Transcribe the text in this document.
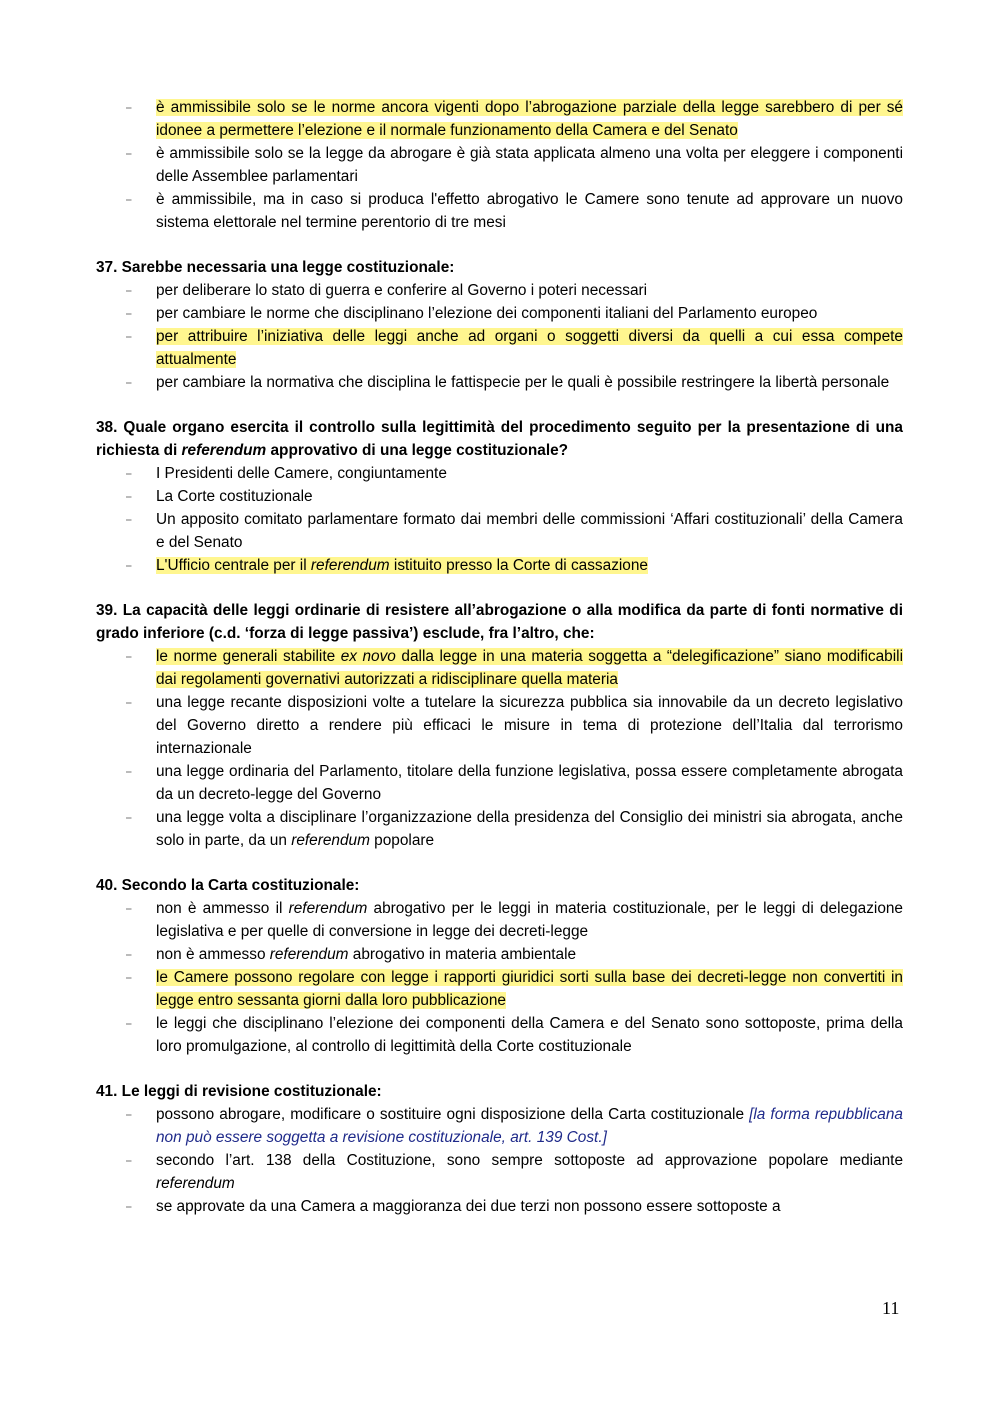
⎯ è ammissibile solo se le norme ancora vigenti dopo l’abrogazione parziale della legge sarebbero di per sé idonee a permettere l’elezione e il normale funzionamento della Camera e del Senato
⎯ è ammissibile solo se la legge da abrogare è già stata applicata almeno una volta per eleggere i componenti delle Assemblee parlamentari
⎯ è ammissibile, ma in caso si produca l'effetto abrogativo le Camere sono tenute ad approvare un nuovo sistema elettorale nel termine perentorio di tre mesi

37. Sarebbe necessaria una legge costituzionale:

⎯ per deliberare lo stato di guerra e conferire al Governo i poteri necessari
⎯ per cambiare le norme che disciplinano l’elezione dei componenti italiani del Parlamento europeo
⎯ per attribuire l’iniziativa delle leggi anche ad organi o soggetti diversi da quelli a cui essa compete attualmente
⎯ per cambiare la normativa che disciplina le fattispecie per le quali è possibile restringere la libertà personale

38. Quale organo esercita il controllo sulla legittimità del procedimento seguito per la presentazione di una richiesta di referendum approvativo di una legge costituzionale?

⎯ I Presidenti delle Camere, congiuntamente
⎯ La Corte costituzionale
⎯ Un apposito comitato parlamentare formato dai membri delle commissioni ‘Affari costituzionali’ della Camera e del Senato
⎯ L'Ufficio centrale per il referendum istituito presso la Corte di cassazione

39. La capacità delle leggi ordinarie di resistere all’abrogazione o alla modifica da parte di fonti normative di grado inferiore (c.d. ‘forza di legge passiva’) esclude, fra l’altro, che:

⎯ le norme generali stabilite ex novo dalla legge in una materia soggetta a “delegificazione” siano modificabili dai regolamenti governativi autorizzati a ridisciplinare quella materia
⎯ una legge recante disposizioni volte a tutelare la sicurezza pubblica sia innovabile da un decreto legislativo del Governo diretto a rendere più efficaci le misure in tema di protezione dell’Italia dal terrorismo internazionale
⎯ una legge ordinaria del Parlamento, titolare della funzione legislativa, possa essere completamente abrogata da un decreto-legge del Governo
⎯ una legge volta a disciplinare l’organizzazione della presidenza del Consiglio dei ministri sia abrogata, anche solo in parte, da un referendum popolare

40. Secondo la Carta costituzionale:

⎯ non è ammesso il referendum abrogativo per le leggi in materia costituzionale, per le leggi di delegazione legislativa e per quelle di conversione in legge dei decreti-legge
⎯ non è ammesso referendum abrogativo in materia ambientale
⎯ le Camere possono regolare con legge i rapporti giuridici sorti sulla base dei decreti-legge non convertiti in legge entro sessanta giorni dalla loro pubblicazione
⎯ le leggi che disciplinano l’elezione dei componenti della Camera e del Senato sono sottoposte, prima della loro promulgazione, al controllo di legittimità della Corte costituzionale

41. Le leggi di revisione costituzionale:

⎯ possono abrogare, modificare o sostituire ogni disposizione della Carta costituzionale [la forma repubblicana non può essere soggetta a revisione costituzionale, art. 139 Cost.]
⎯ secondo l’art. 138 della Costituzione, sono sempre sottoposte ad approvazione popolare mediante referendum
⎯ se approvate da una Camera a maggioranza dei due terzi non possono essere sottoposte a
11
